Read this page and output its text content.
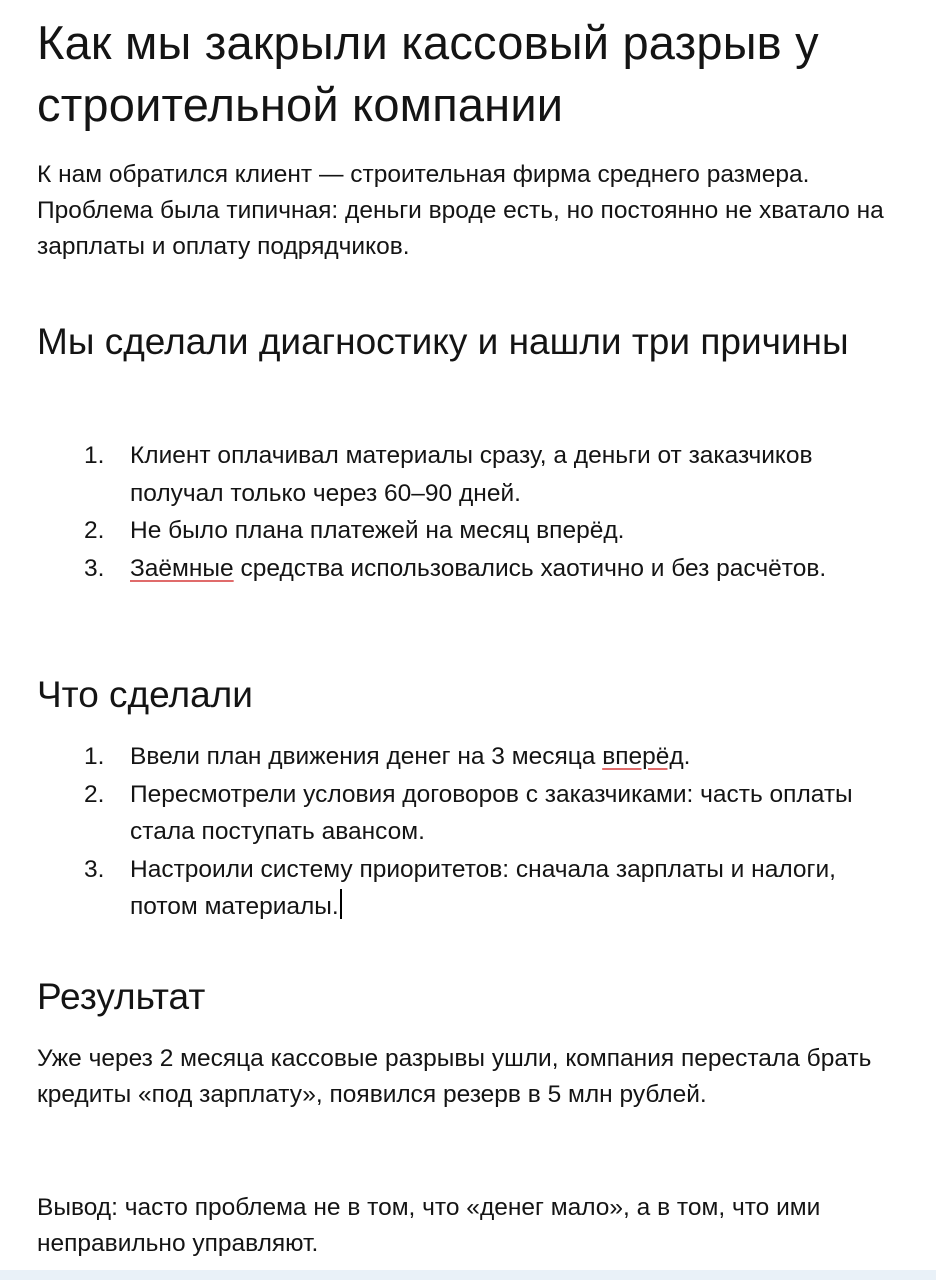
Как мы закрыли кассовый разрыв у строительной компании

К нам обратился клиент — строительная фирма среднего размера. Проблема была типичная: деньги вроде есть, но постоянно не хватало на зарплаты и оплату подрядчиков.

Мы сделали диагностику и нашли три причины
1. Клиент оплачивал материалы сразу, а деньги от заказчиков получал только через 60–90 дней.
2. Не было плана платежей на месяц вперёд.
3. Заёмные средства использовались хаотично и без расчётов.
Что сделали
1. Ввели план движения денег на 3 месяца вперёд.
2. Пересмотрели условия договоров с заказчиками: часть оплаты стала поступать авансом.
3. Настроили систему приоритетов: сначала зарплаты и налоги, потом материалы.
Результат

Уже через 2 месяца кассовые разрывы ушли, компания перестала брать кредиты «под зарплату», появился резерв в 5 млн рублей.

Вывод: часто проблема не в том, что «денег мало», а в том, что ими неправильно управляют.
